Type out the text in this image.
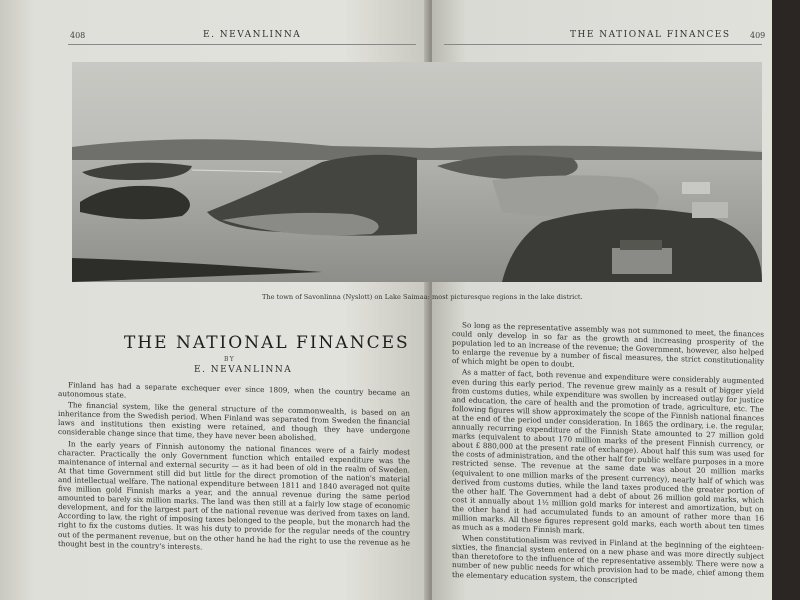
408	E. NEVANLINNA
THE NATIONAL FINANCES
BY
E. NEVANLINNA

Finland has had a separate exchequer ever since 1809, when the country became an autonomous state.

The financial system, like the general structure of the commonwealth, is based on an inheritance from the Swedish period. When Finland was separated from Sweden the financial laws and institutions then existing were retained, and though they have undergone considerable change since that time, they have never been abolished.

In the early years of Finnish autonomy the national finances were of a fairly modest character. Practically the only Government function which entailed expenditure was the maintenance of internal and external security — as it had been of old in the realm of Sweden. At that time Government still did but little for the direct promotion of the nation's material and intellectual welfare. The national expenditure between 1811 and 1840 averaged not quite five million gold Finnish marks a year, and the annual revenue during the same period amounted to barely six million marks. The land was then still at a fairly low stage of economic development, and for the largest part of the national revenue was derived from taxes on land. According to law, the right of imposing taxes belonged to the people, but the monarch had the right to fix the customs duties. It was his duty to provide for the regular needs of the country out of the permanent revenue, but on the other hand he had the right to use the revenue as he thought best in the country's interests.

THE NATIONAL FINANCES 409

So long as the representative assembly was not summoned to meet, the finances could only develop in so far as the growth and increasing prosperity of the population led to an increase of the revenue; the Government, however, also helped to enlarge the revenue by a number of fiscal measures, the strict constitutionality of which might be open to doubt.

As a matter of fact, both revenue and expenditure were considerably augmented even during this early period. The revenue grew mainly as a result of bigger yield from customs duties, while expenditure was swollen by increased outlay for justice and education, the care of health and the promotion of trade, agriculture, etc. The following figures will show approximately the scope of the Finnish national finances at the end of the period under consideration. In 1865 the ordinary, i.e. the regular, annually recurring expenditure of the Finnish State amounted to 27 million gold marks (equivalent to about 170 million marks of the present Finnish currency, or about £ 880,000 at the present rate of exchange). About half this sum was used for the costs of administration, and the other half for public welfare purposes in a more restricted sense. The revenue at the same date was about 20 million marks (equivalent to one million marks of the present currency), nearly half of which was derived from customs duties, while the land taxes produced the greater portion of the other half. The Government had a debt of about 26 million gold marks, which cost it annually about 1½ million gold marks for interest and amortization, but on the other hand it had accumulated funds to an amount of rather more than 16 million marks. All these figures represent gold marks, each worth about ten times as much as a modern Finnish mark.

When constitutionalism was revived in Finland at the beginning of the eighteen-sixties, the financial system entered on a new phase and was more directly subject than theretofore to the influence of the representative assembly. There were now a number of new public needs for which provision had to be made, chief among them the elementary education system, the conscripted

The town of Savonlinna (Nyslott) on Lake Saimaa: most picturesque regions in the lake district.
